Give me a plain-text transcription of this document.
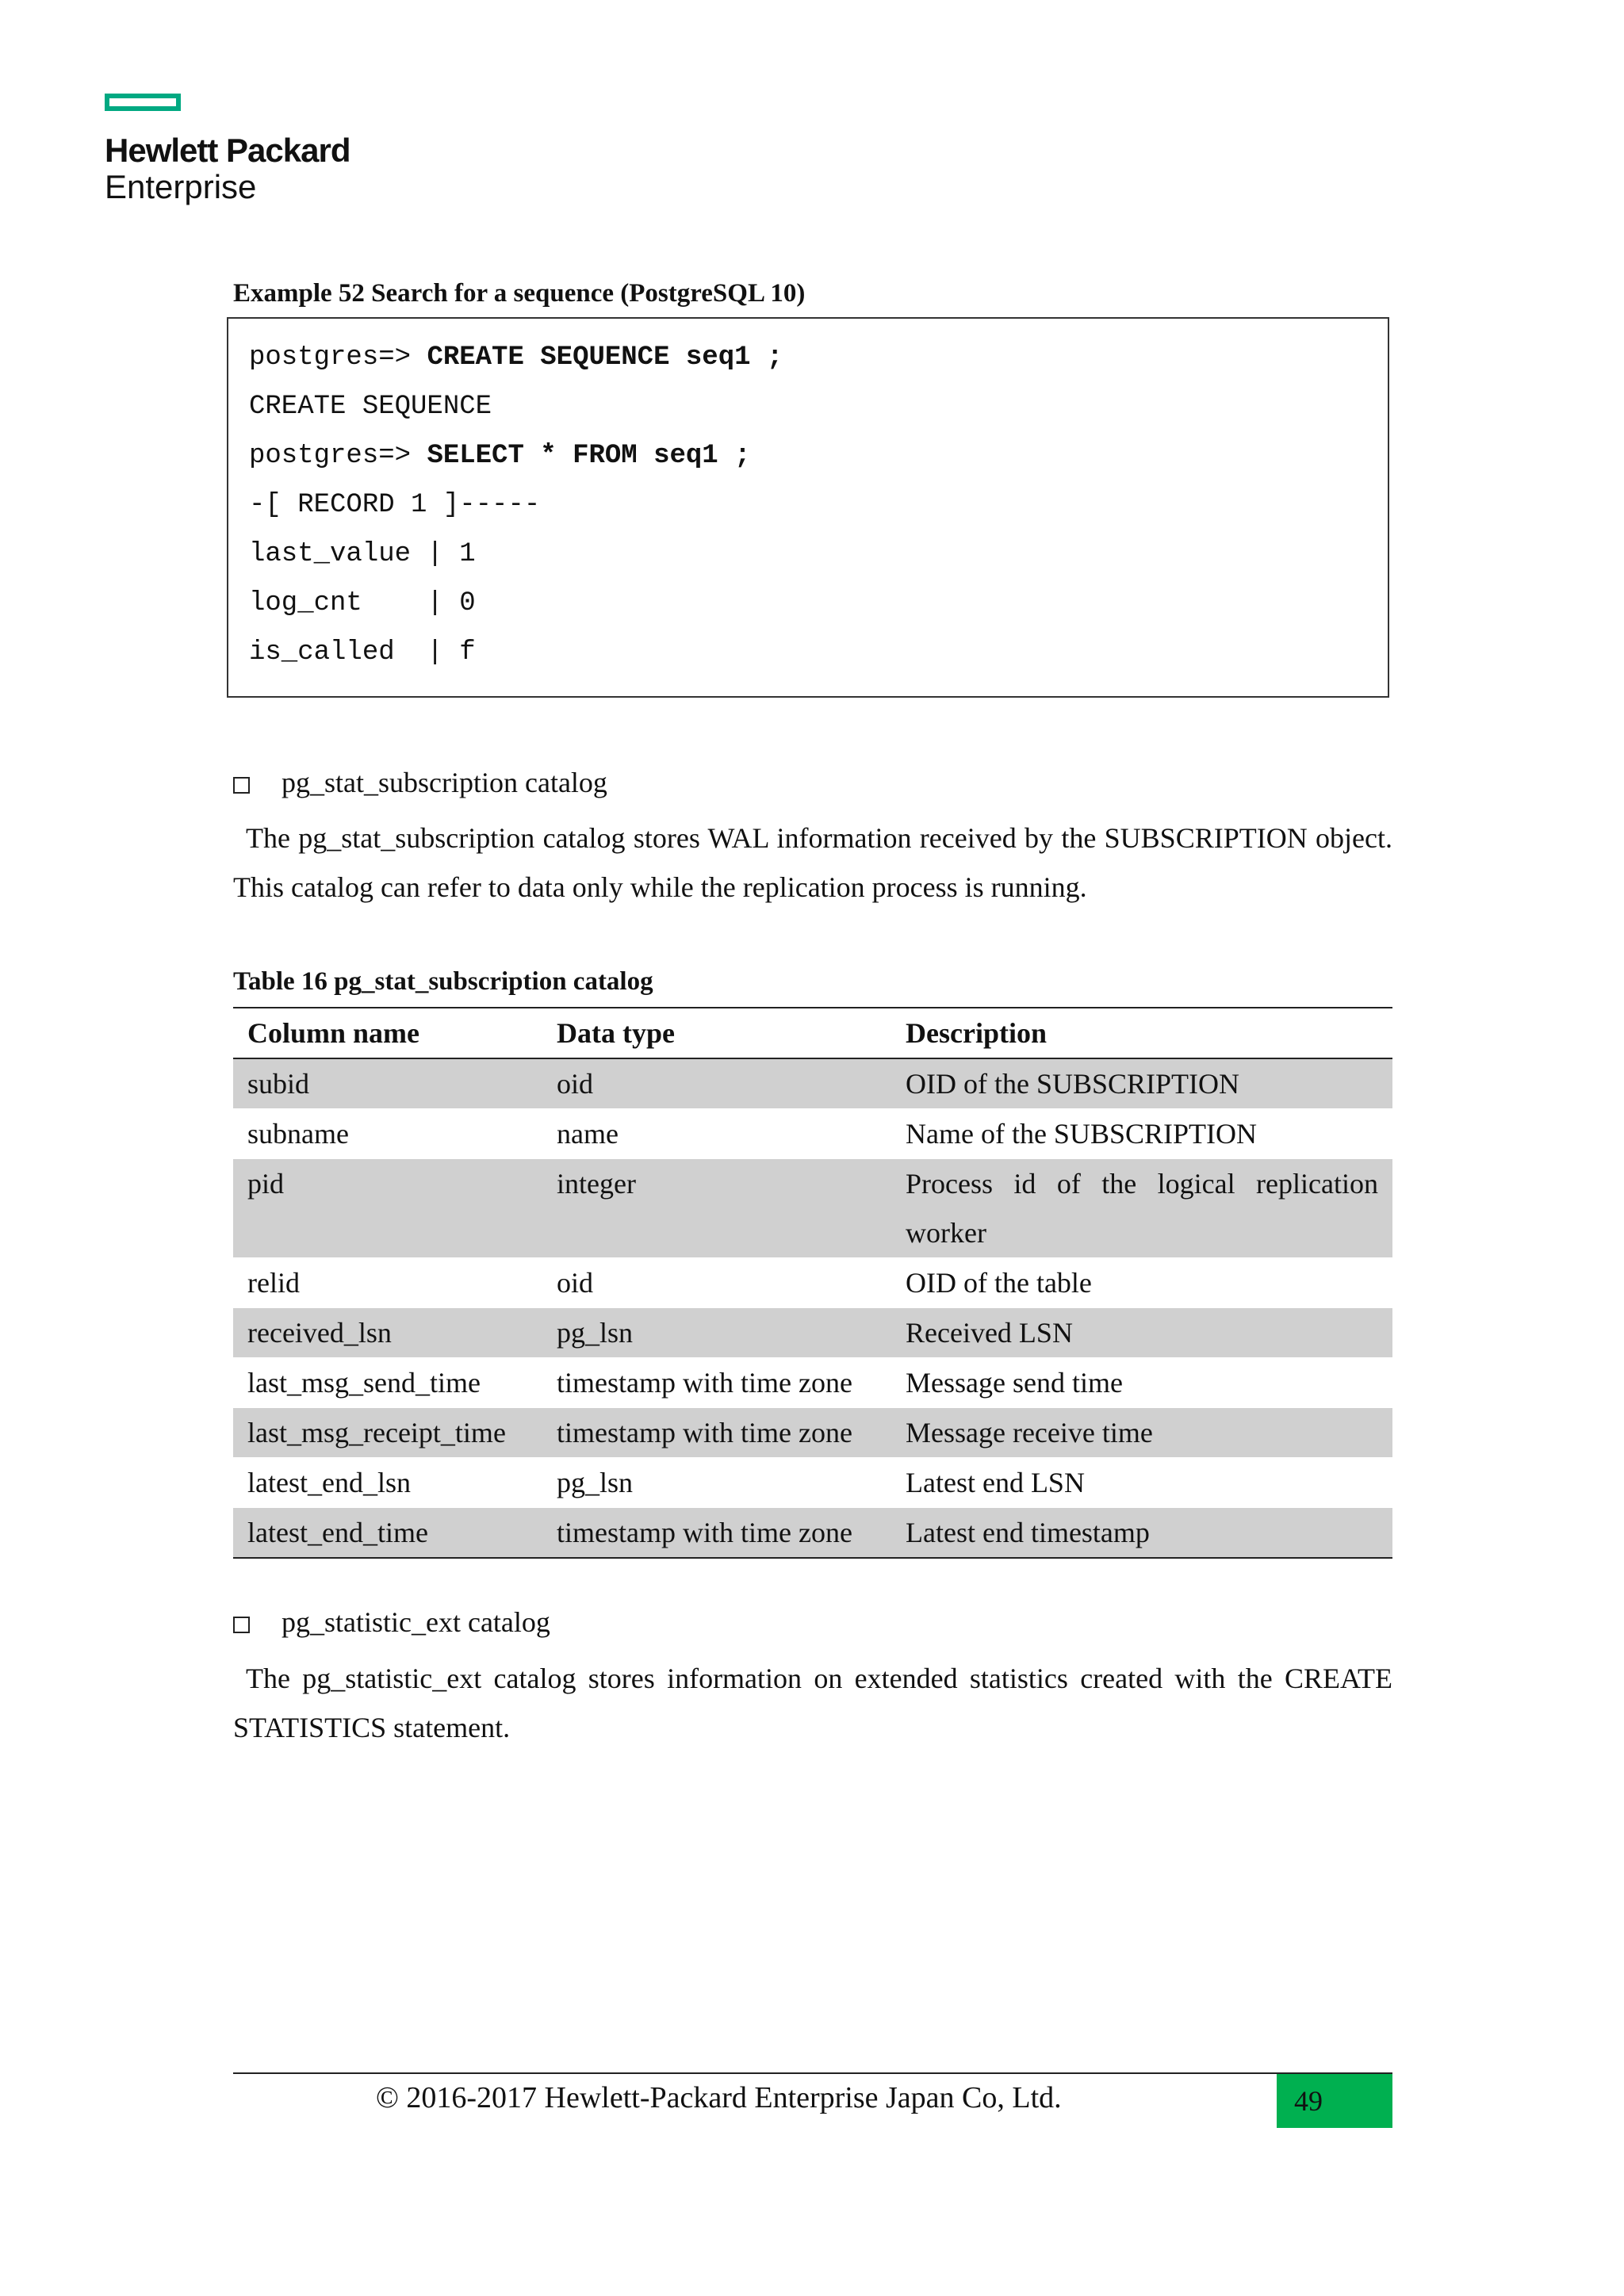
Hewlett Packard
Enterprise
Example 52 Search for a sequence (PostgreSQL 10)
postgres=> CREATE SEQUENCE seq1 ;
CREATE SEQUENCE
postgres=> SELECT * FROM seq1 ;
-[ RECORD 1 ]-----
last_value | 1
log_cnt    | 0
is_called  | f
pg_stat_subscription catalog
The pg_stat_subscription catalog stores WAL information received by the SUBSCRIPTION object. This catalog can refer to data only while the replication process is running.
Table 16 pg_stat_subscription catalog
Column name	Data type	Description
subid	oid	OID of the SUBSCRIPTION
subname	name	Name of the SUBSCRIPTION
pid	integer	Process id of the logical replication worker
relid	oid	OID of the table
received_lsn	pg_lsn	Received LSN
last_msg_send_time	timestamp with time zone	Message send time
last_msg_receipt_time	timestamp with time zone	Message receive time
latest_end_lsn	pg_lsn	Latest end LSN
latest_end_time	timestamp with time zone	Latest end timestamp
pg_statistic_ext catalog
The pg_statistic_ext catalog stores information on extended statistics created with the CREATE STATISTICS statement.
© 2016-2017 Hewlett-Packard Enterprise Japan Co, Ltd.	49
